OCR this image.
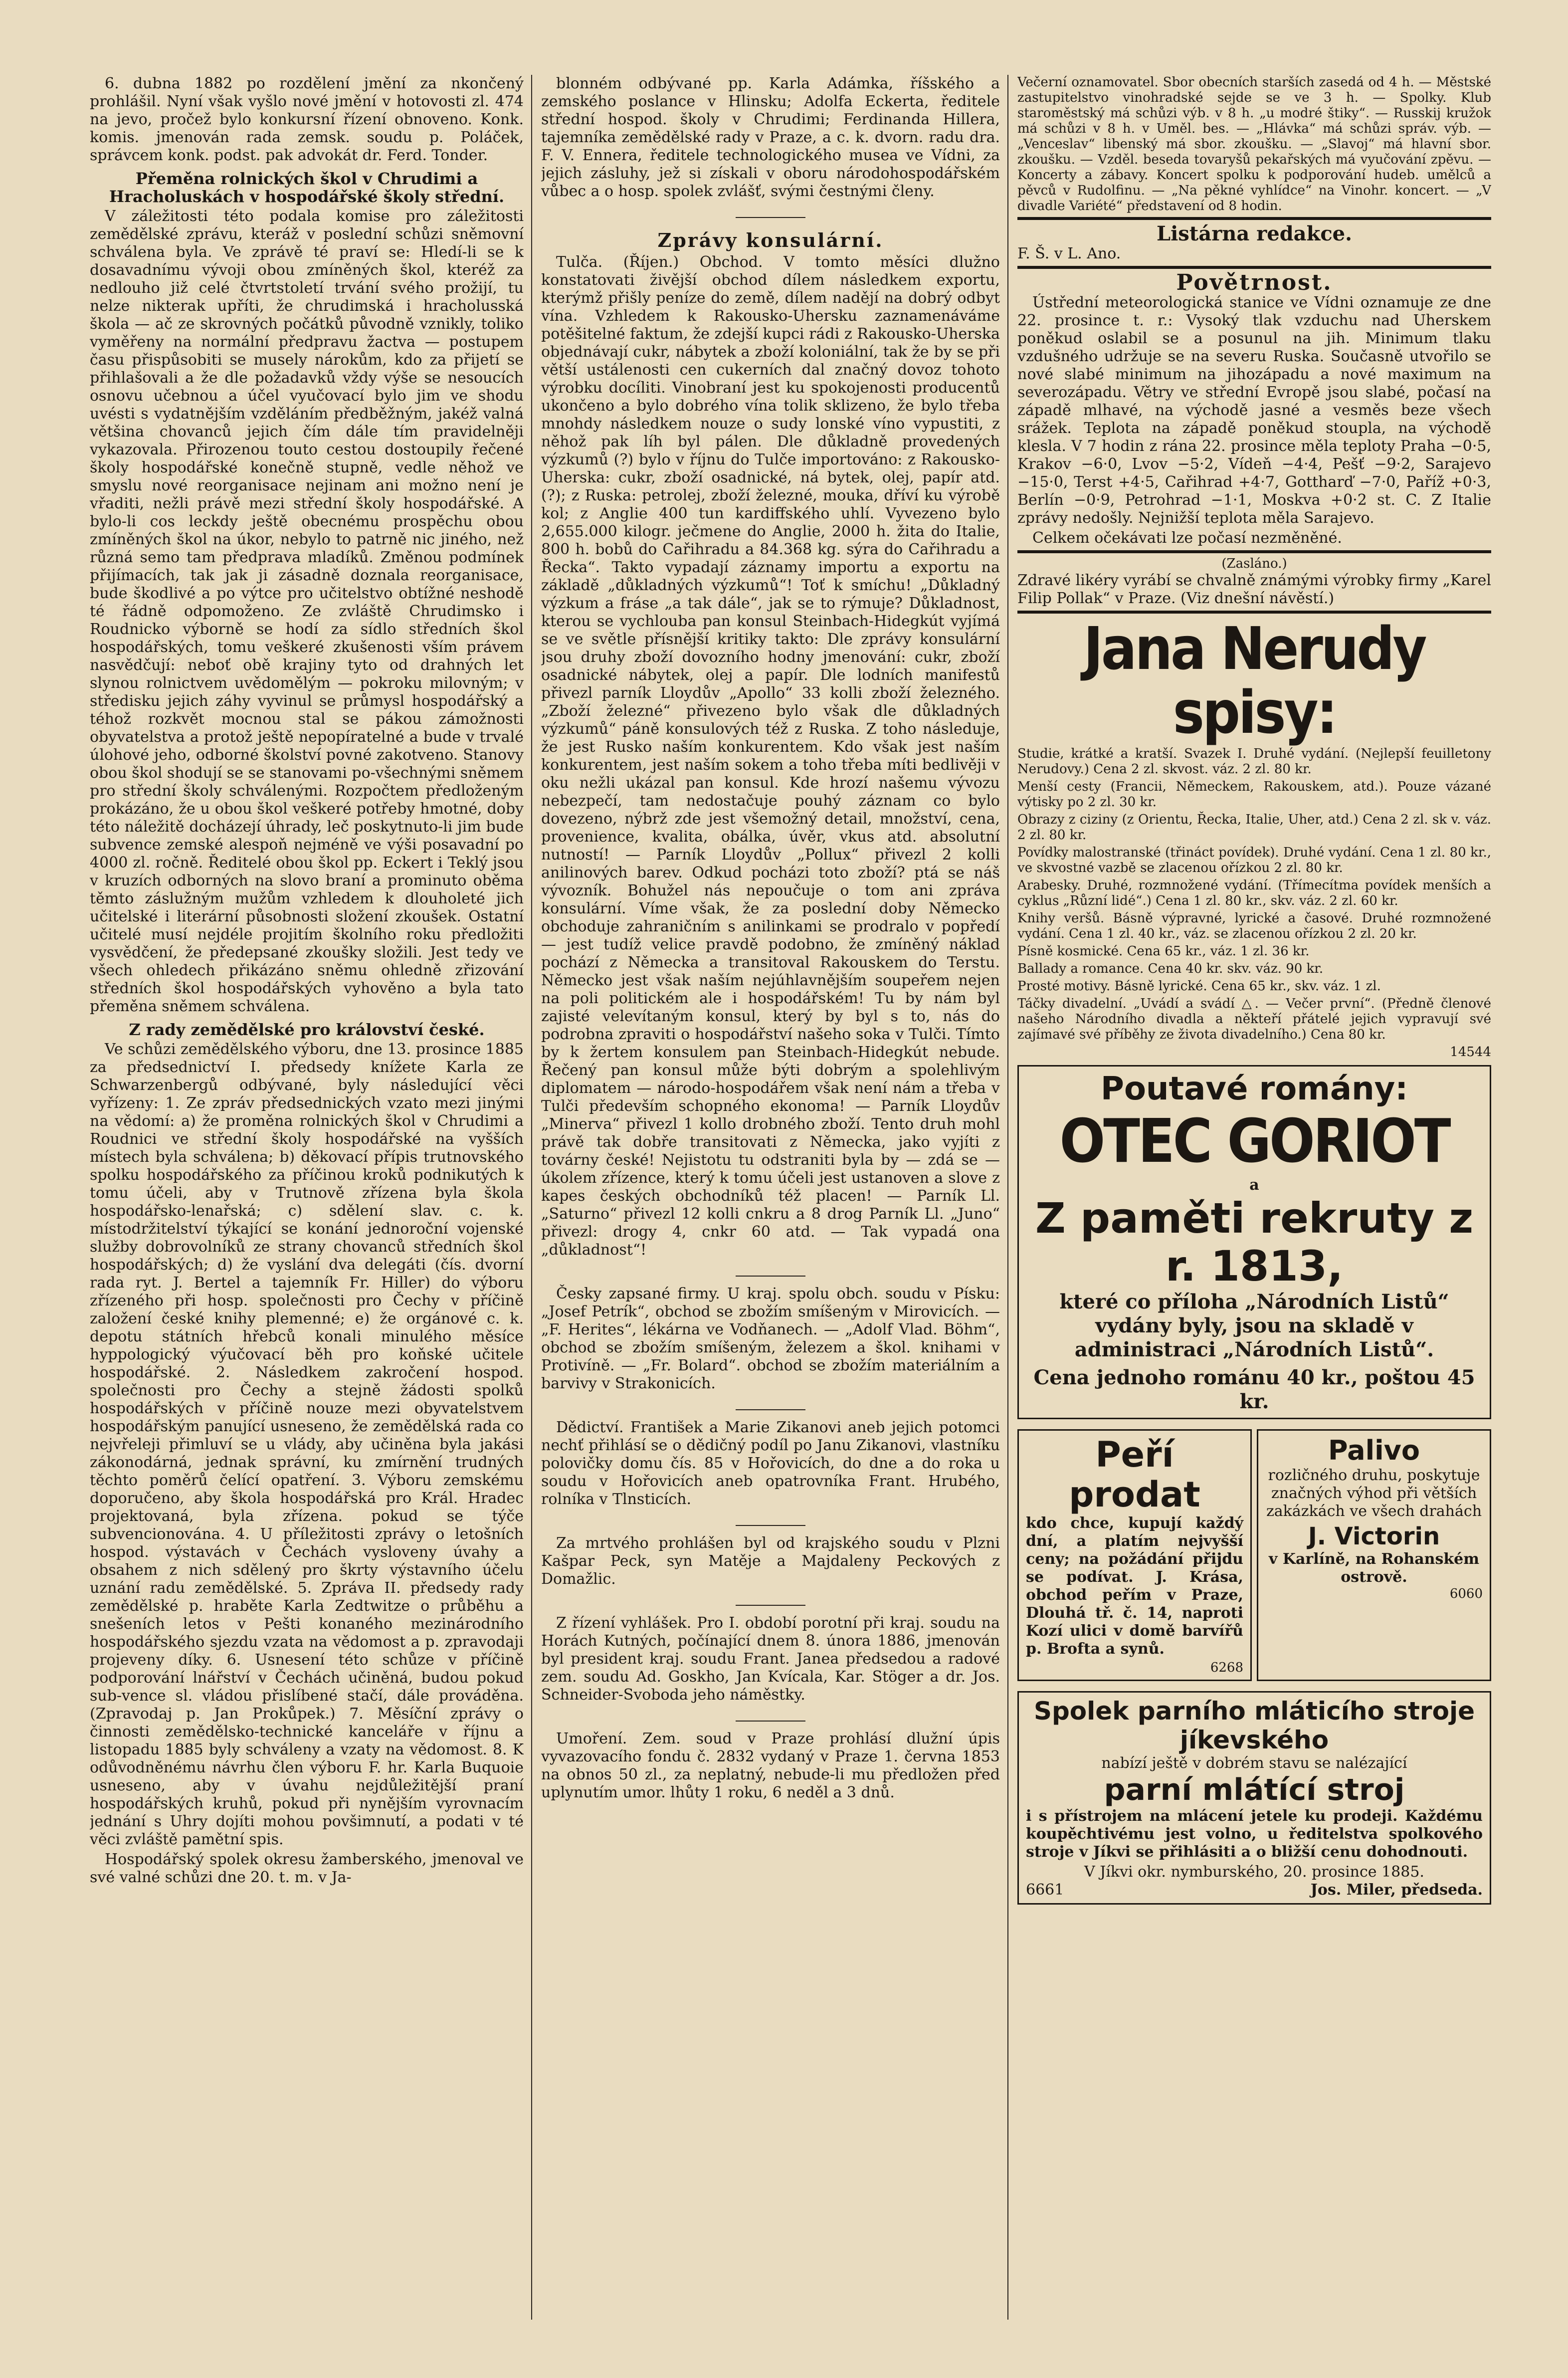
6. dubna 1882 po rozdělení jmění za nkončený prohlášil. Nyní však vyšlo nové jmění v hotovosti zl. 474 na jevo, pročež bylo konkursní řízení obnoveno. Konk. komis. jmenován rada zemsk. soudu p. Poláček, správcem konk. podst. pak advokát dr. Ferd. Tonder.

Přeměna rolnických škol v Chrudimi a Hracholuskách v hospodářské školy střední.

V záležitosti této podala komise pro záležitosti zemědělské zprávu, kteráž v poslední schůzi sněmovní schválena byla. Ve zprávě té praví se: Hledí-li se k dosavadnímu vývoji obou zmíněných škol, kteréž za nedlouho již celé čtvrtstoletí trvání svého prožijí, tu nelze nikterak upříti, že chrudimská i hracholusská škola — ač ze skrovných počátků původně vznikly, toliko vyměřeny na normální předpravu žactva — postupem času přispůsobiti se musely nárokům, kdo za přijetí se přihlašovali a že dle požadavků vždy výše se nesoucích osnovu učebnou a účel vyučovací bylo jim ve shodu uvésti s vydatnějším vzděláním předběžným, jakéž valná většina chovanců jejich čím dále tím pravidelněji vykazovala. Přirozenou touto cestou dostoupily řečené školy hospodářské konečně stupně, vedle něhož ve smyslu nové reorganisace nejinam ani možno není je vřaditi, nežli právě mezi střední školy hospodářské. A bylo-li cos leckdy ještě obecnému prospěchu obou zmíněných škol na úkor, nebylo to patrně nic jiného, než různá semo tam předprava mladíků. Změnou podmínek přijímacích, tak jak ji zásadně doznala reorganisace, bude škodlivé a po výtce pro učitelstvo obtížné neshodě té řádně odpomoženo. Ze zvláště Chrudimsko i Roudnicko výborně se hodí za sídlo středních škol hospodářských, tomu veškeré zkušenosti vším právem nasvědčují: neboť obě krajiny tyto od drahných let slynou rolnictvem uvědomělým — pokroku milovným; v středisku jejich záhy vyvinul se průmysl hospodářský a téhož rozkvět mocnou stal se pákou zámožnosti obyvatelstva a protož ještě nepopíratelné a bude v trvalé úlohové jeho, odborné školství povné zakotveno. Stanovy obou škol shodují se se stanovami po-všechnými sněmem pro střední školy schválenými. Rozpočtem předloženým prokázáno, že u obou škol veškeré potřeby hmotné, doby této náležitě docházejí úhrady, leč poskytnuto-li jim bude subvence zemské alespoň nejméně ve výši posavadní po 4000 zl. ročně. Ředitelé obou škol pp. Eckert i Teklý jsou v kruzích odborných na slovo braní a prominuto oběma těmto záslužným mužům vzhledem k dlouholeté jich učitelské i literární působnosti složení zkoušek. Ostatní učitelé musí nejdéle projitím školního roku předložiti vysvědčení, že předepsané zkoušky složili. Jest tedy ve všech ohledech přikázáno sněmu ohledně zřizování středních škol hospodářských vyhověno a byla tato přeměna sněmem schválena.

Z rady zemědělské pro království české.

Ve schůzi zemědělského výboru, dne 13. prosince 1885 za předsednictví I. předsedy knížete Karla ze Schwarzenbergů odbývané, byly následující věci vyřízeny: 1. Ze zpráv předsednických vzato mezi jinými na vědomí: a) že proměna rolnických škol v Chrudimi a Roudnici ve střední školy hospodářské na vyšších místech byla schválena; b) děkovací přípis trutnovského spolku hospodářského za příčinou kroků podnikutých k tomu účeli, aby v Trutnově zřízena byla škola hospodářsko-lenařská; c) sdělení slav. c. k. místodržitelství týkající se konání jednoroční vojenské služby dobrovolníků ze strany chovanců středních škol hospodářských; d) že vyslání dva delegáti (čís. dvorní rada ryt. J. Bertel a tajemník Fr. Hiller) do výboru zřízeného při hosp. společnosti pro Čechy v příčině založení české knihy plemenné; e) že orgánové c. k. depotu státních hřebců konali minulého měsíce hyppologický výučovací běh pro koňské učitele hospodářské. 2. Následkem zakročení hospod. společnosti pro Čechy a stejně žádosti spolků hospodářských v příčině nouze mezi obyvatelstvem hospodářským panující usneseno, že zemědělská rada co nejvřeleji přimluví se u vlády, aby učiněna byla jakási zákonodárná, jednak správní, ku zmírnění trudných těchto poměrů čelící opatření. 3. Výboru zemskému doporučeno, aby škola hospodářská pro Král. Hradec projektovaná, byla zřízena. pokud se týče subvencionována. 4. U příležitosti zprávy o letošních hospod. výstavách v Čechách vysloveny úvahy a obsahem z nich sdělený pro škrty výstavního účelu uznání radu zemědělské. 5. Zpráva II. předsedy rady zemědělské p. hraběte Karla Zedtwitze o průběhu a snešeních letos v Pešti konaného mezinárodního hospodářského sjezdu vzata na vědomost a p. zpravodaji projeveny díky. 6. Usnesení této schůze v příčině podporování lnářství v Čechách učiněná, budou pokud sub-vence sl. vládou přislíbené stačí, dále prováděna. (Zpravodaj p. Jan Prokůpek.) 7. Měsíční zprávy o činnosti zemědělsko-technické kanceláře v říjnu a listopadu 1885 byly schváleny a vzaty na vědomost. 8. K odůvodněnému návrhu člen výboru F. hr. Karla Buquoie usneseno, aby v úvahu nejdůležitější praní hospodářských kruhů, pokud při nynějším vyrovnacím jednání s Uhry dojíti mohou povšimnutí, a podati v té věci zvláště pamětní spis.

Hospodářský spolek okresu žamberského, jmenoval ve své valné schůzi dne 20. t. m. v Ja-

blonném odbývané pp. Karla Adámka, říšského a zemského poslance v Hlinsku; Adolfa Eckerta, ředitele střední hospod. školy v Chrudimi; Ferdinanda Hillera, tajemníka zemědělské rady v Praze, a c. k. dvorn. radu dra. F. V. Ennera, ředitele technologického musea ve Vídni, za jejich zásluhy, jež si získali v oboru národohospodářském vůbec a o hosp. spolek zvlášť, svými čestnými členy.

Zprávy konsulární.

Tulča. (Říjen.) Obchod. V tomto měsíci dlužno konstatovati živější obchod dílem následkem exportu, kterýmž přišly peníze do země, dílem nadějí na dobrý odbyt vína. Vzhledem k Rakousko-Uhersku zaznamenáváme potěšitelné faktum, že zdejší kupci rádi z Rakousko-Uherska objednávají cukr, nábytek a zboží koloniální, tak že by se při větší ustálenosti cen cukerních dal značný dovoz tohoto výrobku docíliti. Vinobraní jest ku spokojenosti producentů ukončeno a bylo dobrého vína tolik sklizeno, že bylo třeba mnohdy následkem nouze o sudy lonské víno vypustiti, z něhož pak líh byl pálen. Dle důkladně provedených výzkumů (?) bylo v říjnu do Tulče importováno: z Rakousko-Uherska: cukr, zboží osadnické, ná bytek, olej, papír atd. (?); z Ruska: petrolej, zboží železné, mouka, dříví ku výrobě kol; z Anglie 400 tun kardiffského uhlí. Vyvezeno bylo 2,655.000 kilogr. ječmene do Anglie, 2000 h. žita do Italie, 800 h. bobů do Cařihradu a 84.368 kg. sýra do Cařihradu a Řecka“. Takto vypadají záznamy importu a exportu na základě „důkladných výzkumů“! Toť k smíchu! „Důkladný výzkum a fráse „a tak dále“, jak se to rýmuje? Důkladnost, kterou se vychlouba pan konsul Steinbach-Hidegkút vyjímá se ve světle přísnější kritiky takto: Dle zprávy konsulární jsou druhy zboží dovozního hodny jmenování: cukr, zboží osadnické nábytek, olej a papír. Dle lodních manifestů přivezl parník Lloydův „Apollo“ 33 kolli zboží železného. „Zboží železné“ přivezeno bylo však dle důkladných výzkumů“ páně konsulových též z Ruska. Z toho následuje, že jest Rusko naším konkurentem. Kdo však jest naším konkurentem, jest naším sokem a toho třeba míti bedlivěji v oku nežli ukázal pan konsul. Kde hrozí našemu vývozu nebezpečí, tam nedostačuje pouhý záznam co bylo dovezeno, nýbrž zde jest všemožný detail, množství, cena, provenience, kvalita, obálka, úvěr, vkus atd. absolutní nutností! — Parník Lloydův „Pollux“ přivezl 2 kolli anilinových barev. Odkud pocházi toto zboží? ptá se náš vývozník. Bohužel nás nepoučuje o tom ani zpráva konsulární. Víme však, že za poslední doby Německo obchoduje zahraničním s anilinkami se prodralo v popředí — jest tudíž velice pravdě podobno, že zmíněný náklad pochází z Německa a transitoval Rakouskem do Terstu. Německo jest však naším nejúhlavnějším soupeřem nejen na poli politickém ale i hospodářském! Tu by nám byl zajisté velevítaným konsul, který by byl s to, nás do podrobna zpraviti o hospodářství našeho soka v Tulči. Tímto by k žertem konsulem pan Steinbach-Hidegkút nebude. Řečený pan konsul může býti dobrým a spolehlivým diplomatem — národo-hospodářem však není nám a třeba v Tulči především schopného ekonoma! — Parník Lloydův „Minerva“ přivezl 1 kollo drobného zboží. Tento druh mohl právě tak dobře transitovati z Německa, jako vyjíti z továrny české! Nejistotu tu odstraniti byla by — zdá se — úkolem zřízence, který k tomu účeli jest ustanoven a slove z kapes českých obchodníků též placen! — Parník Ll. „Saturno“ přivezl 12 kolli cnkru a 8 drog Parník Ll. „Juno“ přivezl: drogy 4, cnkr 60 atd. — Tak vypadá ona „důkladnost“!

Česky zapsané firmy. U kraj. spolu obch. soudu v Písku: „Josef Petrík“, obchod se zbožím smíšeným v Mirovicích. — „F. Herites“, lékárna ve Vodňanech. — „Adolf Vlad. Böhm“, obchod se zbožím smíšeným, železem a škol. knihami v Protivíně. — „Fr. Bolard“. obchod se zbožím materiálním a barvivy v Strakonicích.

Dědictví. František a Marie Zikanovi aneb jejich potomci nechť přihlásí se o dědičný podíl po Janu Zikanovi, vlastníku polovičky domu čís. 85 v Hořovicích, do dne a do roka u soudu v Hořovicích aneb opatrovníka Frant. Hrubého, rolníka v Tlnsticích.

Za mrtvého prohlášen byl od krajského soudu v Plzni Kašpar Peck, syn Matěje a Majdaleny Peckových z Domažlic.

Z řízení vyhlášek. Pro I. období porotní při kraj. soudu na Horách Kutných, počínající dnem 8. února 1886, jmenován byl president kraj. soudu Frant. Janea předsedou a radové zem. soudu Ad. Goskho, Jan Kvícala, Kar. Stöger a dr. Jos. Schneider-Svoboda jeho náměstky.

Umoření. Zem. soud v Praze prohlásí dlužní úpis vyvazovacího fondu č. 2832 vydaný v Praze 1. června 1853 na obnos 50 zl., za neplatný, nebude-li mu předložen před uplynutím umor. lhůty 1 roku, 6 neděl a 3 dnů.

Večerní oznamovatel. Sbor obecních starších zasedá od 4 h. — Městské zastupitelstvo vinohradské sejde se ve 3 h. — Spolky. Klub staroměstský má schůzi výb. v 8 h. „u modré štiky“. — Russkij kružok má schůzi v 8 h. v Uměl. bes. — „Hlávka“ má schůzi správ. výb. — „Venceslav“ libenský má sbor. zkoušku. — „Slavoj“ má hlavní sbor. zkoušku. — Vzděl. beseda tovaryšů pekařských má vyučování zpěvu. — Koncerty a zábavy. Koncert spolku k podporování hudeb. umělců a pěvců v Rudolfinu. — „Na pěkné vyhlídce“ na Vinohr. koncert. — „V divadle Variété“ představení od 8 hodin.

Listárna redakce.

F. Š. v L. Ano.

Povětrnost.

Ústřední meteorologická stanice ve Vídni oznamuje ze dne 22. prosince t. r.: Vysoký tlak vzduchu nad Uherskem poněkud oslabil se a posunul na jih. Minimum tlaku vzdušného udržuje se na severu Ruska. Současně utvořilo se nové slabé minimum na jihozápadu a nové maximum na severozápadu. Větry ve střední Evropě jsou slabé, počasí na západě mlhavé, na východě jasné a vesměs beze všech srážek. Teplota na západě poněkud stoupla, na východě klesla. V 7 hodin z rána 22. prosince měla teploty Praha −0·5, Krakov −6·0, Lvov −5·2, Vídeň −4·4, Pešť −9·2, Sarajevo −15·0, Terst +4·5, Cařihrad +4·7, Gottharď −7·0, Paříž +0·3, Berlín −0·9, Petrohrad −1·1, Moskva +0·2 st. C. Z Italie zprávy nedošly. Nejnižší teplota měla Sarajevo.

Celkem očekávati lze počasí nezměněné.

(Zasláno.)

Zdravé likéry vyrábí se chvalně známými výrobky firmy „Karel Filip Pollak“ v Praze. (Viz dnešní návěstí.)

Jana Nerudy spisy:

Studie, krátké a kratší. Svazek I. Druhé vydání. (Nejlepší feuilletony Nerudovy.) Cena 2 zl. skvost. váz. 2 zl. 80 kr.

Menší cesty (Francii, Německem, Rakouskem, atd.). Pouze vázané výtisky po 2 zl. 30 kr.

Obrazy z ciziny (z Orientu, Řecka, Italie, Uher, atd.) Cena 2 zl. sk v. váz. 2 zl. 80 kr.

Povídky malostranské (třináct povídek). Druhé vydání. Cena 1 zl. 80 kr., ve skvostné vazbě se zlacenou ořízkou 2 zl. 80 kr.

Arabesky. Druhé, rozmnožené vydání. (Třímecítma povídek menších a cyklus „Různí lidé“.) Cena 1 zl. 80 kr., skv. váz. 2 zl. 60 kr.

Knihy veršů. Básně výpravné, lyrické a časové. Druhé rozmnožené vydání. Cena 1 zl. 40 kr., váz. se zlacenou ořízkou 2 zl. 20 kr.

Písně kosmické. Cena 65 kr., váz. 1 zl. 36 kr.

Ballady a romance. Cena 40 kr. skv. váz. 90 kr.

Prosté motivy. Básně lyrické. Cena 65 kr., skv. váz. 1 zl.

Táčky divadelní. „Uvádí a svádí △. — Večer první“. (Předně členové našeho Národního divadla a někteří přátelé jejich vypravují své zajímavé své příběhy ze života divadelního.) Cena 80 kr.

14544
Poutavé romány:
OTEC GORIOT
a
Z paměti rekruty z r. 1813,
které co příloha „Národních Listů“ vydány byly, jsou na skladě v administraci „Národních Listů“.
Cena jednoho románu 40 kr., poštou 45 kr.
Peří prodat

kdo chce, kupují každý dní, a platím nejvyšší ceny; na požádání přijdu se podívat. J. Krása, obchod peřím v Praze, Dlouhá tř. č. 14, naproti Kozí ulici v domě barvířů p. Brofta a synů.

6268
Palivo

rozličného druhu, poskytuje značných výhod při větších zakázkách ve všech drahách

J. Victorin
v Karlíně, na Rohanském ostrově.
6060
Spolek parního mláticího stroje jíkevského
nabízí ještě v dobrém stavu se nalézající
parní mlátící stroj

i s přístrojem na mlácení jetele ku prodeji. Každému koupěchtivému jest volno, u ředitelstva spolkového stroje v Jíkvi se přihlásiti a o bližší cenu dohodnouti.

V Jíkvi okr. nymburského, 20. prosince 1885.
6661	Jos. Miler, předseda.
